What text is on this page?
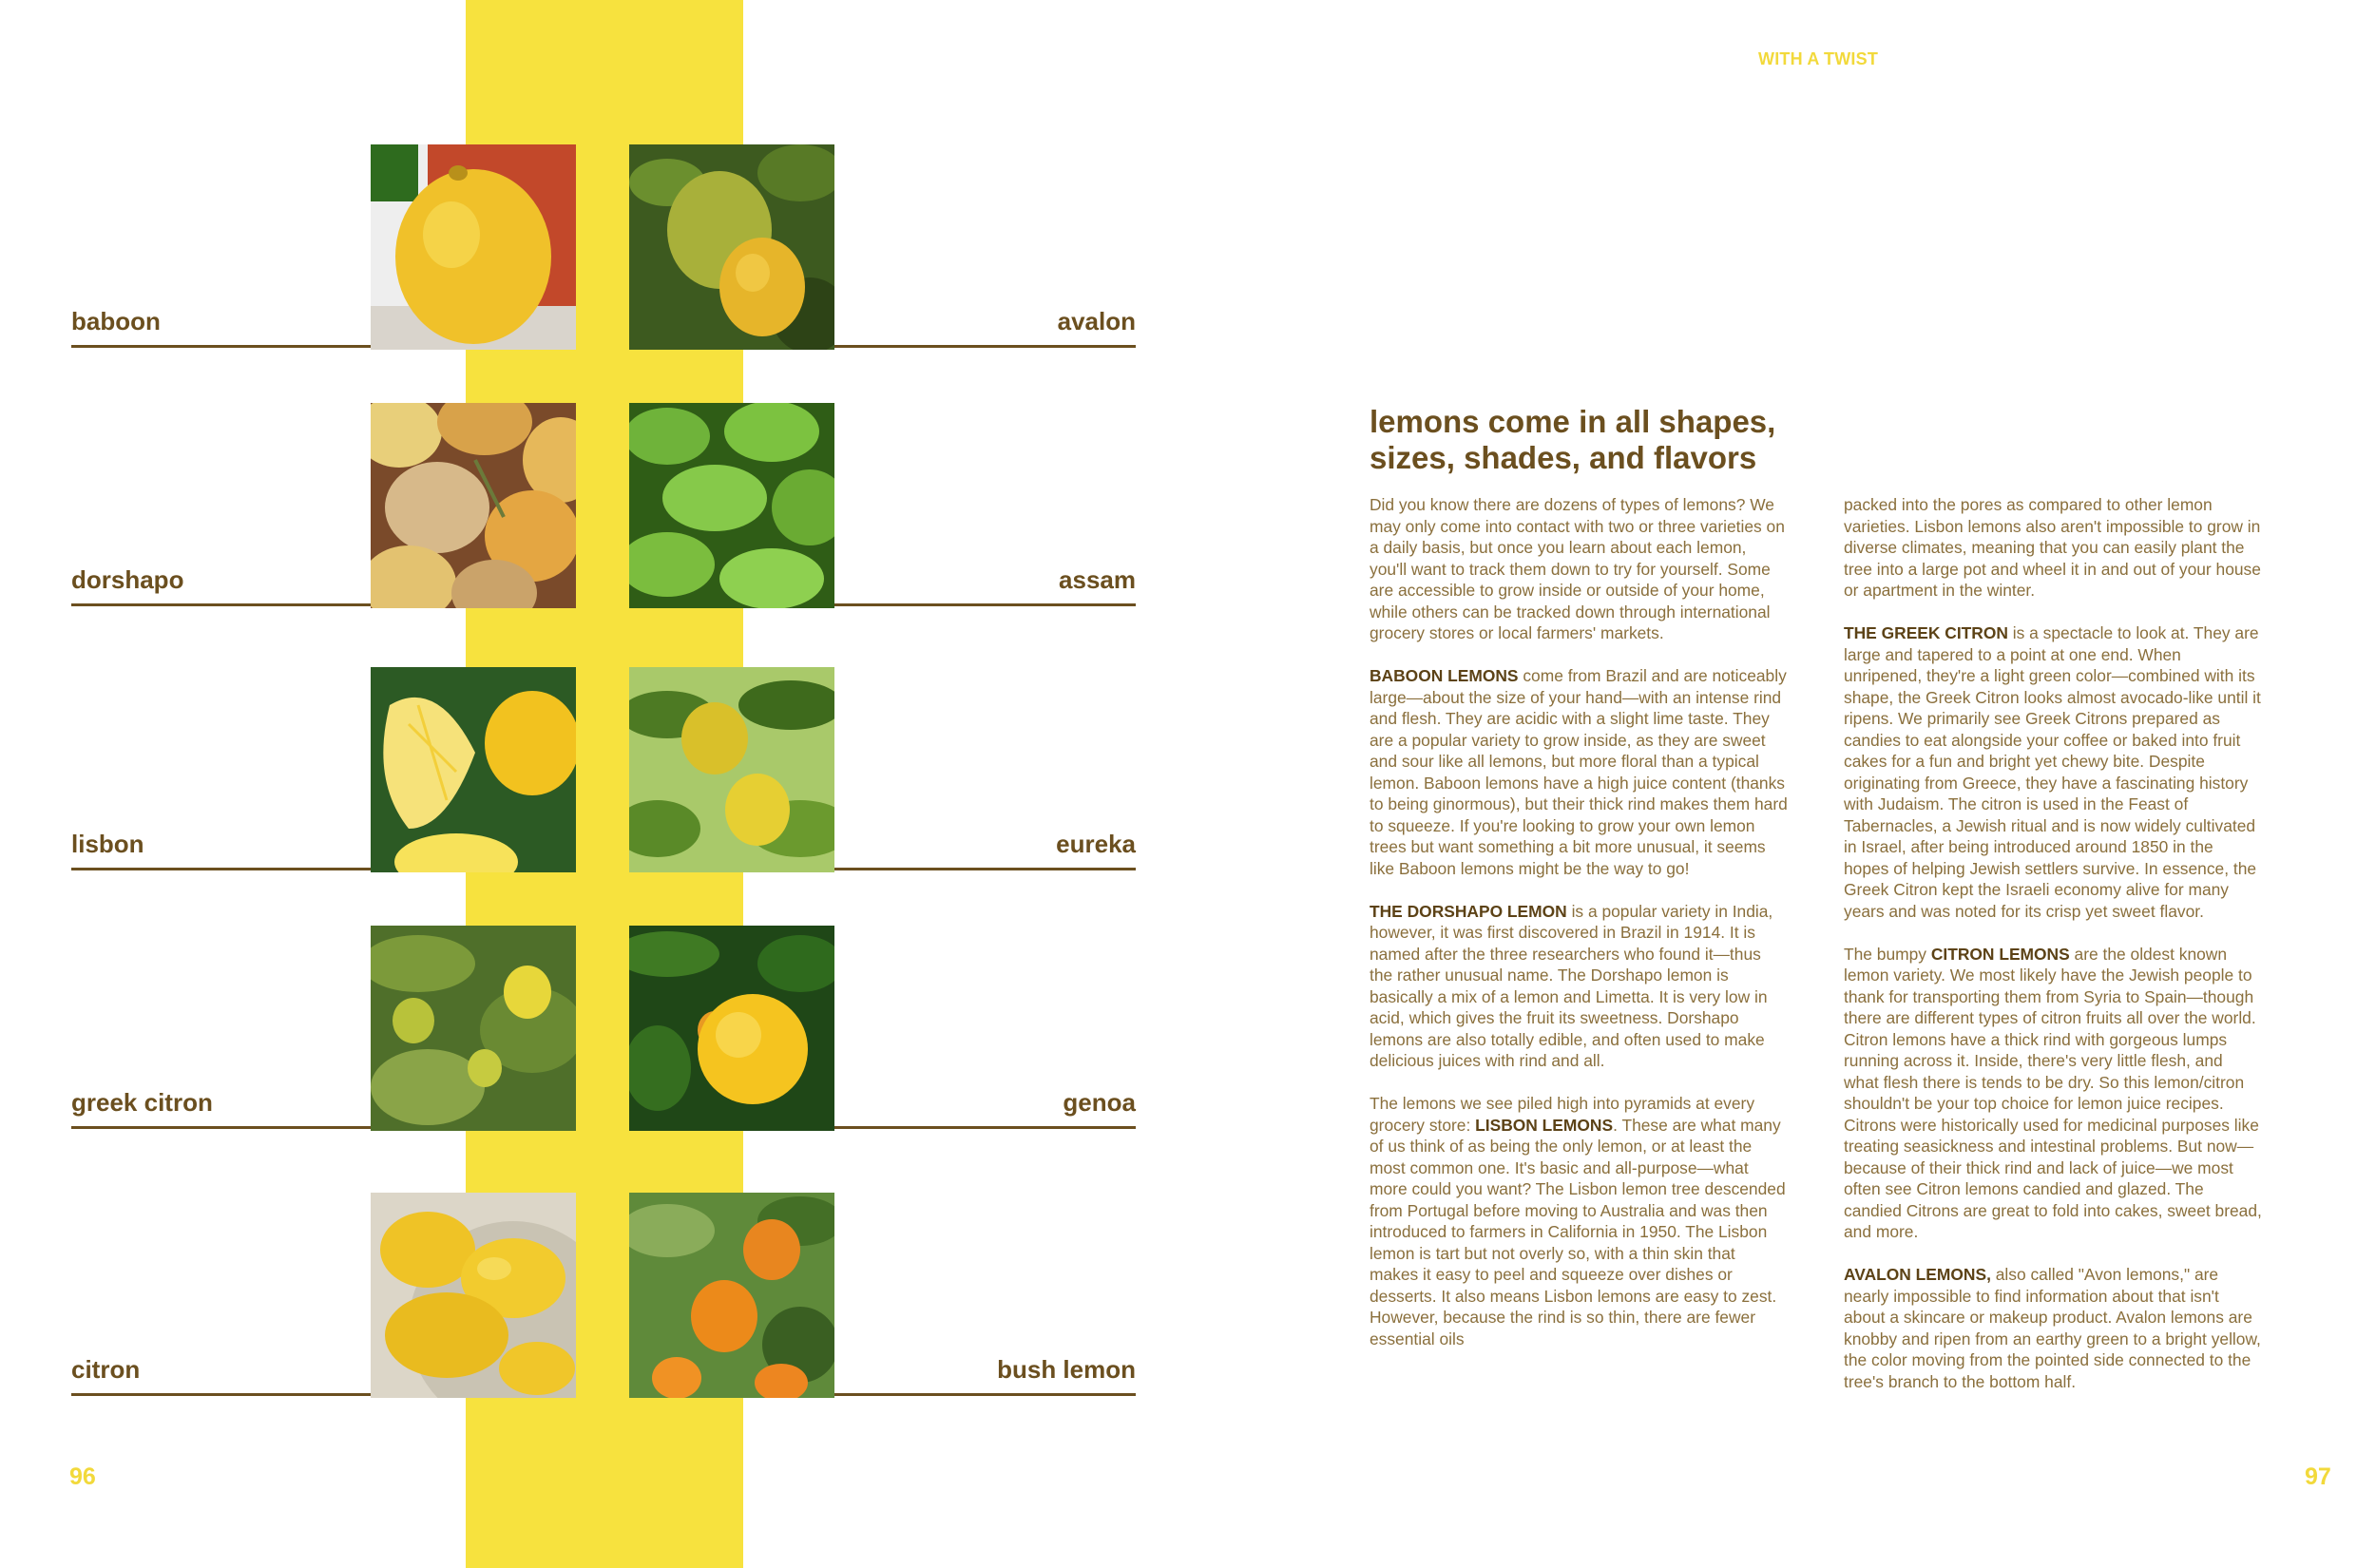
WITH A TWIST
baboon	avalon
dorshapo	assam
lisbon	eureka
greek citron	genoa
citron	bush lemon
96	97
lemons come in all shapes, sizes, shades, and flavors

Did you know there are dozens of types of lemons? We may only come into contact with two or three varieties on a daily basis, but once you learn about each lemon, you'll want to track them down to try for yourself. Some are accessible to grow inside or outside of your home, while others can be tracked down through international grocery stores or local farmers' markets.

BABOON LEMONS come from Brazil and are noticeably large—about the size of your hand—with an intense rind and flesh. They are acidic with a slight lime taste. They are a popular variety to grow inside, as they are sweet and sour like all lemons, but more floral than a typical lemon. Baboon lemons have a high juice content (thanks to being ginormous), but their thick rind makes them hard to squeeze. If you're looking to grow your own lemon trees but want something a bit more unusual, it seems like Baboon lemons might be the way to go!

THE DORSHAPO LEMON is a popular variety in India, however, it was first discovered in Brazil in 1914. It is named after the three researchers who found it—thus the rather unusual name. The Dorshapo lemon is basically a mix of a lemon and Limetta. It is very low in acid, which gives the fruit its sweetness. Dorshapo lemons are also totally edible, and often used to make delicious juices with rind and all.

The lemons we see piled high into pyramids at every grocery store: LISBON LEMONS. These are what many of us think of as being the only lemon, or at least the most common one. It's basic and all-purpose—what more could you want? The Lisbon lemon tree descended from Portugal before moving to Australia and was then introduced to farmers in California in 1950. The Lisbon lemon is tart but not overly so, with a thin skin that makes it easy to peel and squeeze over dishes or desserts. It also means Lisbon lemons are easy to zest. However, because the rind is so thin, there are fewer essential oils

packed into the pores as compared to other lemon varieties. Lisbon lemons also aren't impossible to grow in diverse climates, meaning that you can easily plant the tree into a large pot and wheel it in and out of your house or apartment in the winter.

THE GREEK CITRON is a spectacle to look at. They are large and tapered to a point at one end. When unripened, they're a light green color—combined with its shape, the Greek Citron looks almost avocado-like until it ripens. We primarily see Greek Citrons prepared as candies to eat alongside your coffee or baked into fruit cakes for a fun and bright yet chewy bite. Despite originating from Greece, they have a fascinating history with Judaism. The citron is used in the Feast of Tabernacles, a Jewish ritual and is now widely cultivated in Israel, after being introduced around 1850 in the hopes of helping Jewish settlers survive. In essence, the Greek Citron kept the Israeli economy alive for many years and was noted for its crisp yet sweet flavor.

The bumpy CITRON LEMONS are the oldest known lemon variety. We most likely have the Jewish people to thank for transporting them from Syria to Spain—though there are different types of citron fruits all over the world. Citron lemons have a thick rind with gorgeous lumps running across it. Inside, there's very little flesh, and what flesh there is tends to be dry. So this lemon/citron shouldn't be your top choice for lemon juice recipes. Citrons were historically used for medicinal purposes like treating seasickness and intestinal problems. But now—because of their thick rind and lack of juice—we most often see Citron lemons candied and glazed. The candied Citrons are great to fold into cakes, sweet bread, and more.

AVALON LEMONS, also called "Avon lemons," are nearly impossible to find information about that isn't about a skincare or makeup product. Avalon lemons are knobby and ripen from an earthy green to a bright yellow, the color moving from the pointed side connected to the tree's branch to the bottom half.
